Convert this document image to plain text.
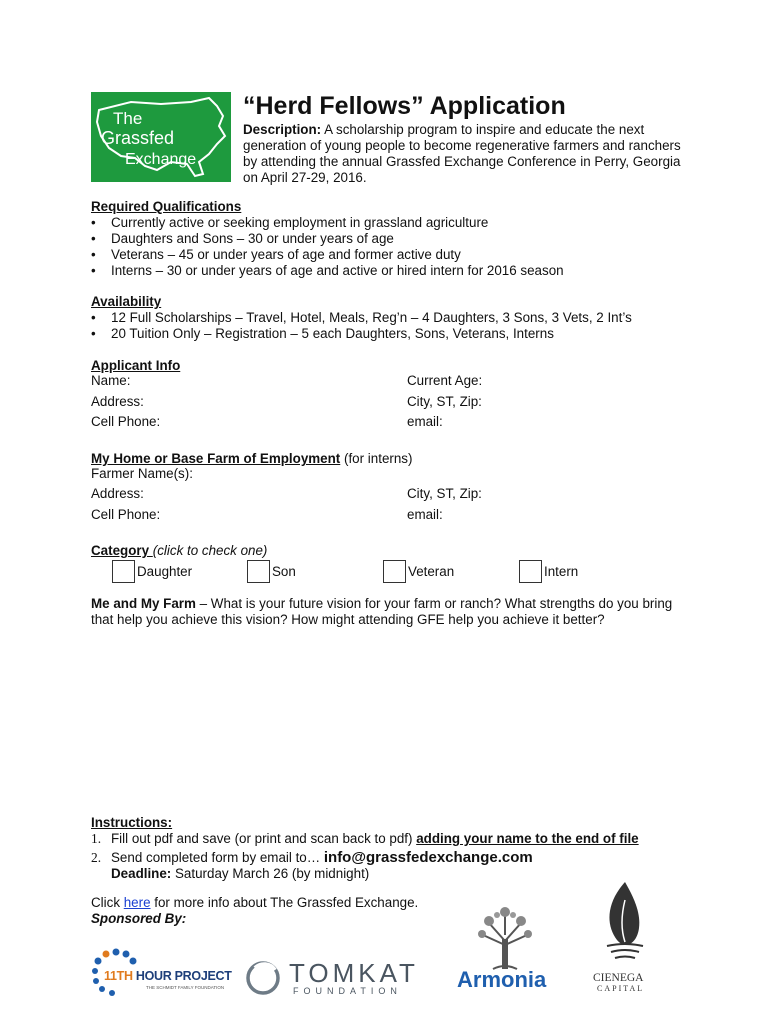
The
Grassfed
Exchange
“Herd Fellows” Application
Description: A scholarship program to inspire and educate the next generation of young people to become regenerative farmers and ranchers by attending the annual Grassfed Exchange Conference in Perry, Georgia on April 27-29, 2016.
Required Qualifications
• Currently active or seeking employment in grassland agriculture
• Daughters and Sons – 30 or under years of age
• Veterans – 45 or under years of age and former active duty
• Interns – 30 or under years of age and active or hired intern for 2016 season
Availability
• 12 Full Scholarships – Travel, Hotel, Meals, Reg’n – 4 Daughters, 3 Sons, 3 Vets, 2 Int’s
• 20 Tuition Only – Registration – 5 each Daughters, Sons, Veterans, Interns
Applicant Info
Name:	Current Age:
Address:	City, ST, Zip:
Cell Phone:	email:
My Home or Base Farm of Employment (for interns)
Farmer Name(s):
Address:	City, ST, Zip:
Cell Phone:	email:
Category (click to check one)
Daughter	Son	Veteran	Intern
Me and My Farm – What is your future vision for your farm or ranch? What strengths do you bring that help you achieve this vision? How might attending GFE help you achieve it better?
Instructions:
1. Fill out pdf and save (or print and scan back to pdf) adding your name to the end of file
2. Send completed form by email to… info@grassfedexchange.com
Deadline: Saturday March 26 (by midnight)
Click here for more info about The Grassfed Exchange.
Sponsored By:
11TH HOUR PROJECT
THE SCHMIDT FAMILY FOUNDATION TOMKAT
FOUNDATION	Armonia	CIENEGA
CAPITAL
